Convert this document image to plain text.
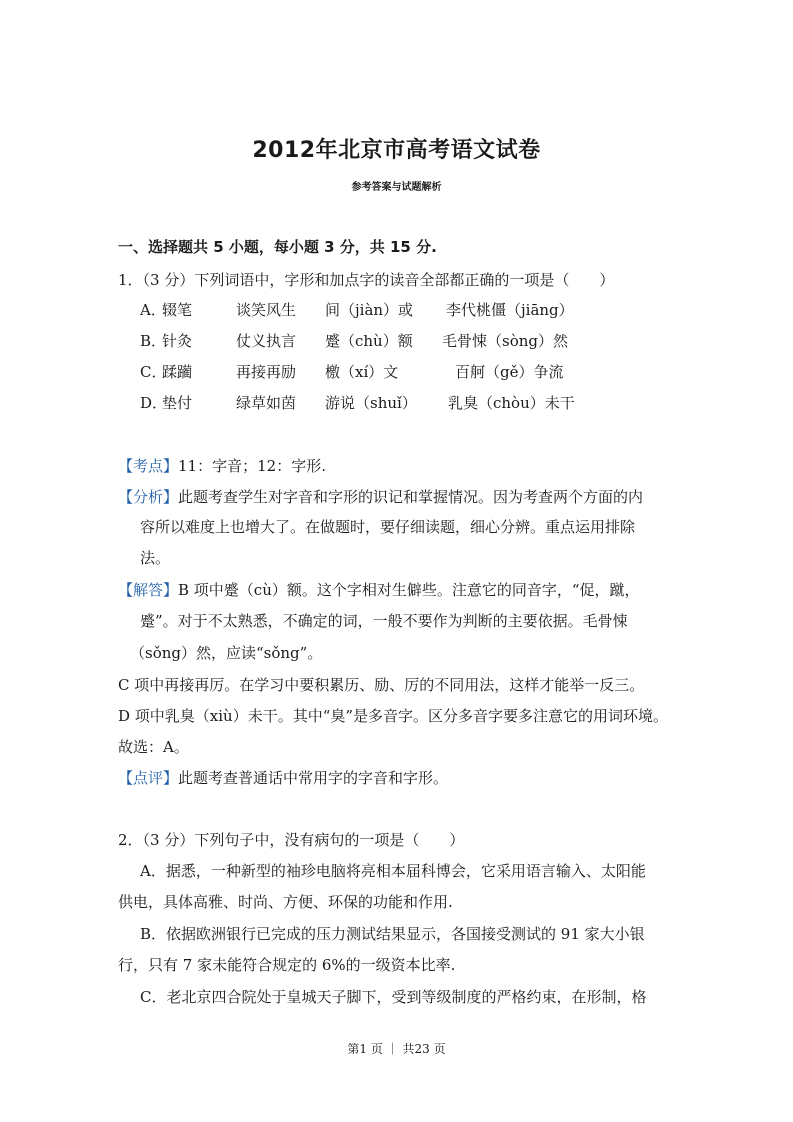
2012年北京市高考语文试卷
参考答案与试题解析
一、选择题共 5 小题，每小题 3 分，共 15 分.
1．（3 分）下列词语中，字形和加点字的读音全部都正确的一项是（　　）
A．辍笔	谈笑风生 间（jiàn）或 李代桃僵（jiāng）
B．针灸	仗义执言 蹙（chù）额 毛骨悚（sòng）然
C．蹂躏	再接再励 檄（xí）文	百舸（gě）争流
D．垫付	绿草如茵 游说（shuǐ） 乳臭（chòu）未干
【考点】11：字音；12：字形.
【分析】此题考查学生对字音和字形的识记和掌握情况。因为考查两个方面的内
容所以难度上也增大了。在做题时，要仔细读题，细心分辨。重点运用排除
法。
【解答】B 项中蹙（cù）额。这个字相对生僻些。注意它的同音字，“促，蹴，
蹙”。对于不太熟悉，不确定的词，一般不要作为判断的主要依据。毛骨悚
（sǒng）然，应读“sǒng”。
C 项中再接再厉。在学习中要积累历、励、厉的不同用法，这样才能举一反三。
D 项中乳臭（xiù）未干。其中“臭”是多音字。区分多音字要多注意它的用词环境。
故选：A。
【点评】此题考查普通话中常用字的字音和字形。
2．（3 分）下列句子中，没有病句的一项是（　　）
A．据悉，一种新型的袖珍电脑将亮相本届科博会，它采用语言输入、太阳能
供电，具体高雅、时尚、方便、环保的功能和作用.
B．依据欧洲银行已完成的压力测试结果显示，各国接受测试的 91 家大小银
行，只有 7 家未能符合规定的 6%的一级资本比率.
C．老北京四合院处于皇城天子脚下，受到等级制度的严格约束，在形制，格
第1 页 ｜ 共23 页
